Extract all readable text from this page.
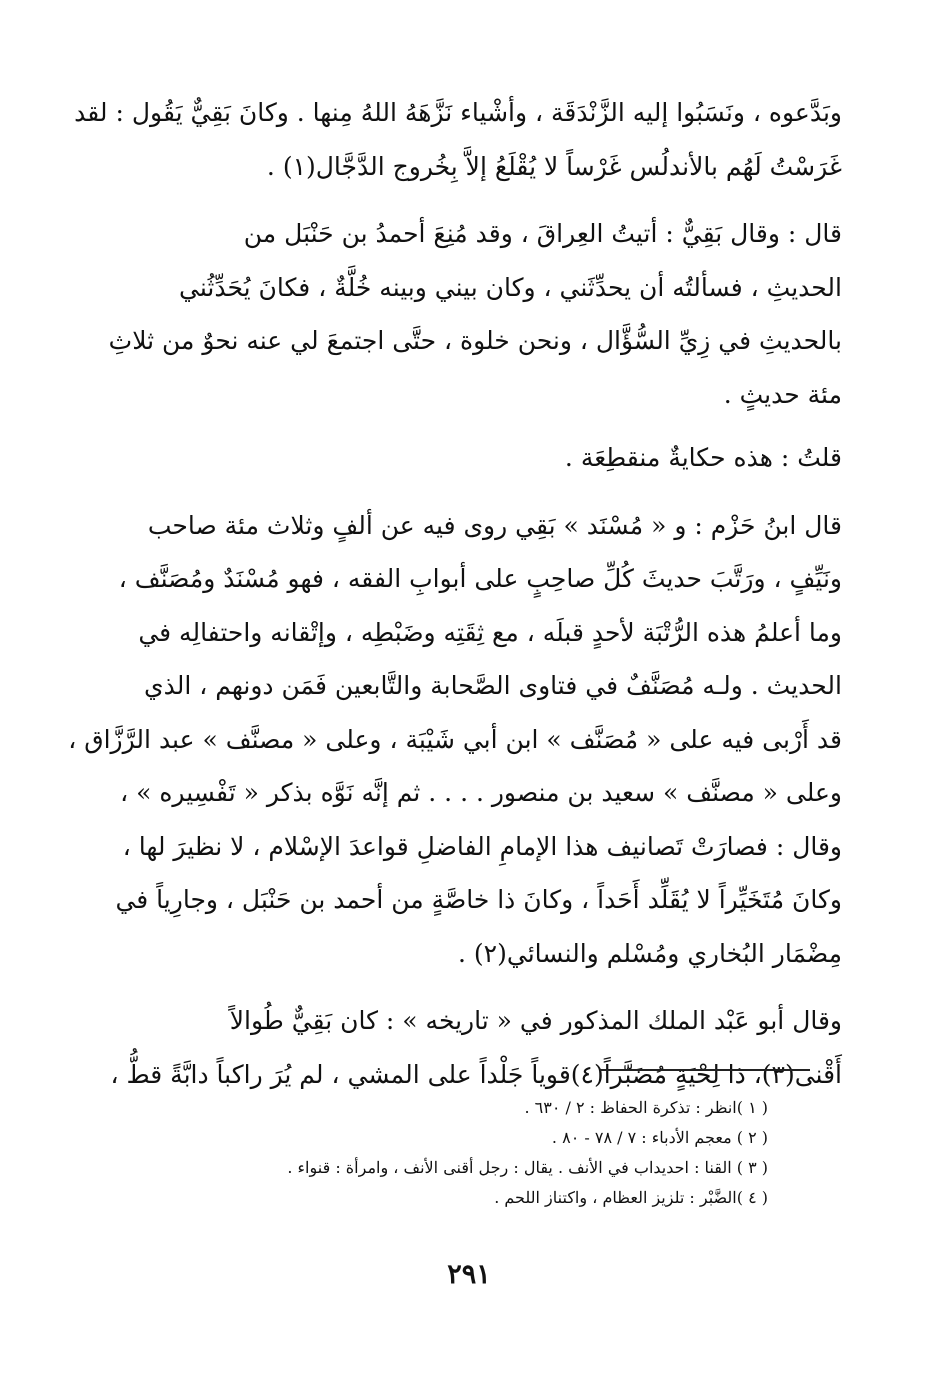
وبَدَّعوه ، ونَسَبُوا إليه الزَّنْدَقَة ، وأشْياء نَزَّهَهُ اللهُ مِنها . وكانَ بَقِيٌّ يَقُول : لقد
غَرَسْتُ لَهُم بالأندلُس غَرْساً لا يُقْلَعُ إلاَّ بِخُروج الدَّجَّال(١) .
قال : وقال بَقِيٌّ : أتيتُ العِراقَ ، وقد مُنِعَ أحمدُ بن حَنْبَل من
الحديثِ ، فسألتُه أن يحدِّثَني ، وكان بيني وبينه خُلَّةٌ ، فكانَ يُحَدِّثُني
بالحديثِ في زِيِّ السُّؤَّال ، ونحن خلوة ، حتَّى اجتمعَ لي عنه نحوٌ من ثلاثِ
مئة حديثٍ .
قلتُ : هذه حكايةٌ منقطِعَة .
قال ابنُ حَزْم : و « مُسْنَد » بَقِي روى فيه عن ألفٍ وثلاث مئة صاحب
ونَيِّفٍ ، ورَتَّبَ حديثَ كُلِّ صاحِبٍ على أبوابِ الفقه ، فهو مُسْنَدٌ ومُصَنَّف ،
وما أعلمُ هذه الرُّتْبَة لأحدٍ قبلَه ، مع ثِقَتِه وضَبْطِه ، وإتْقانه واحتفالِه في
الحديث . ولـه مُصَنَّفٌ في فتاوى الصَّحابة والتَّابعين فَمَن دونهم ، الذي
قد أَرْبى فيه على « مُصَنَّف » ابن أبي شَيْبَة ، وعلى « مصنَّف » عبد الرَّزَّاق ،
وعلى « مصنَّف » سعيد بن منصور . . . . ثم إنَّه نَوَّه بذكر « تَفْسِيره » ،
وقال : فصارَتْ تَصانيف هذا الإمامِ الفاضلِ قواعدَ الإسْلام ، لا نظيرَ لها ،
وكانَ مُتَخَيِّراً لا يُقَلِّد أَحَداً ، وكانَ ذا خاصَّةٍ من أحمد بن حَنْبَل ، وجارِياً في
مِضْمَار البُخاري ومُسْلم والنسائي(٢) .
وقال أبو عَبْد الملك المذكور في « تاريخه » : كان بَقِيٌّ طُوالاً
أَقْنى(٣)، ذا لِحْيَةٍ مُضَبَّراً(٤)قوياً جَلْداً على المشي ، لم يُرَ راكباً دابَّةً قطُّ ،
( ١ )انظر : تذكرة الحفاظ : ٢ / ٦٣٠ .
( ٢ ) معجم الأدباء : ٧ / ٧٨ - ٨٠ .
( ٣ ) القنا : احديداب في الأنف . يقال : رجل أقنى الأنف ، وامرأة : قنواء .
( ٤ )الضَّبْر : تلزيز العظام ، واكتناز اللحم .
٢٩١
